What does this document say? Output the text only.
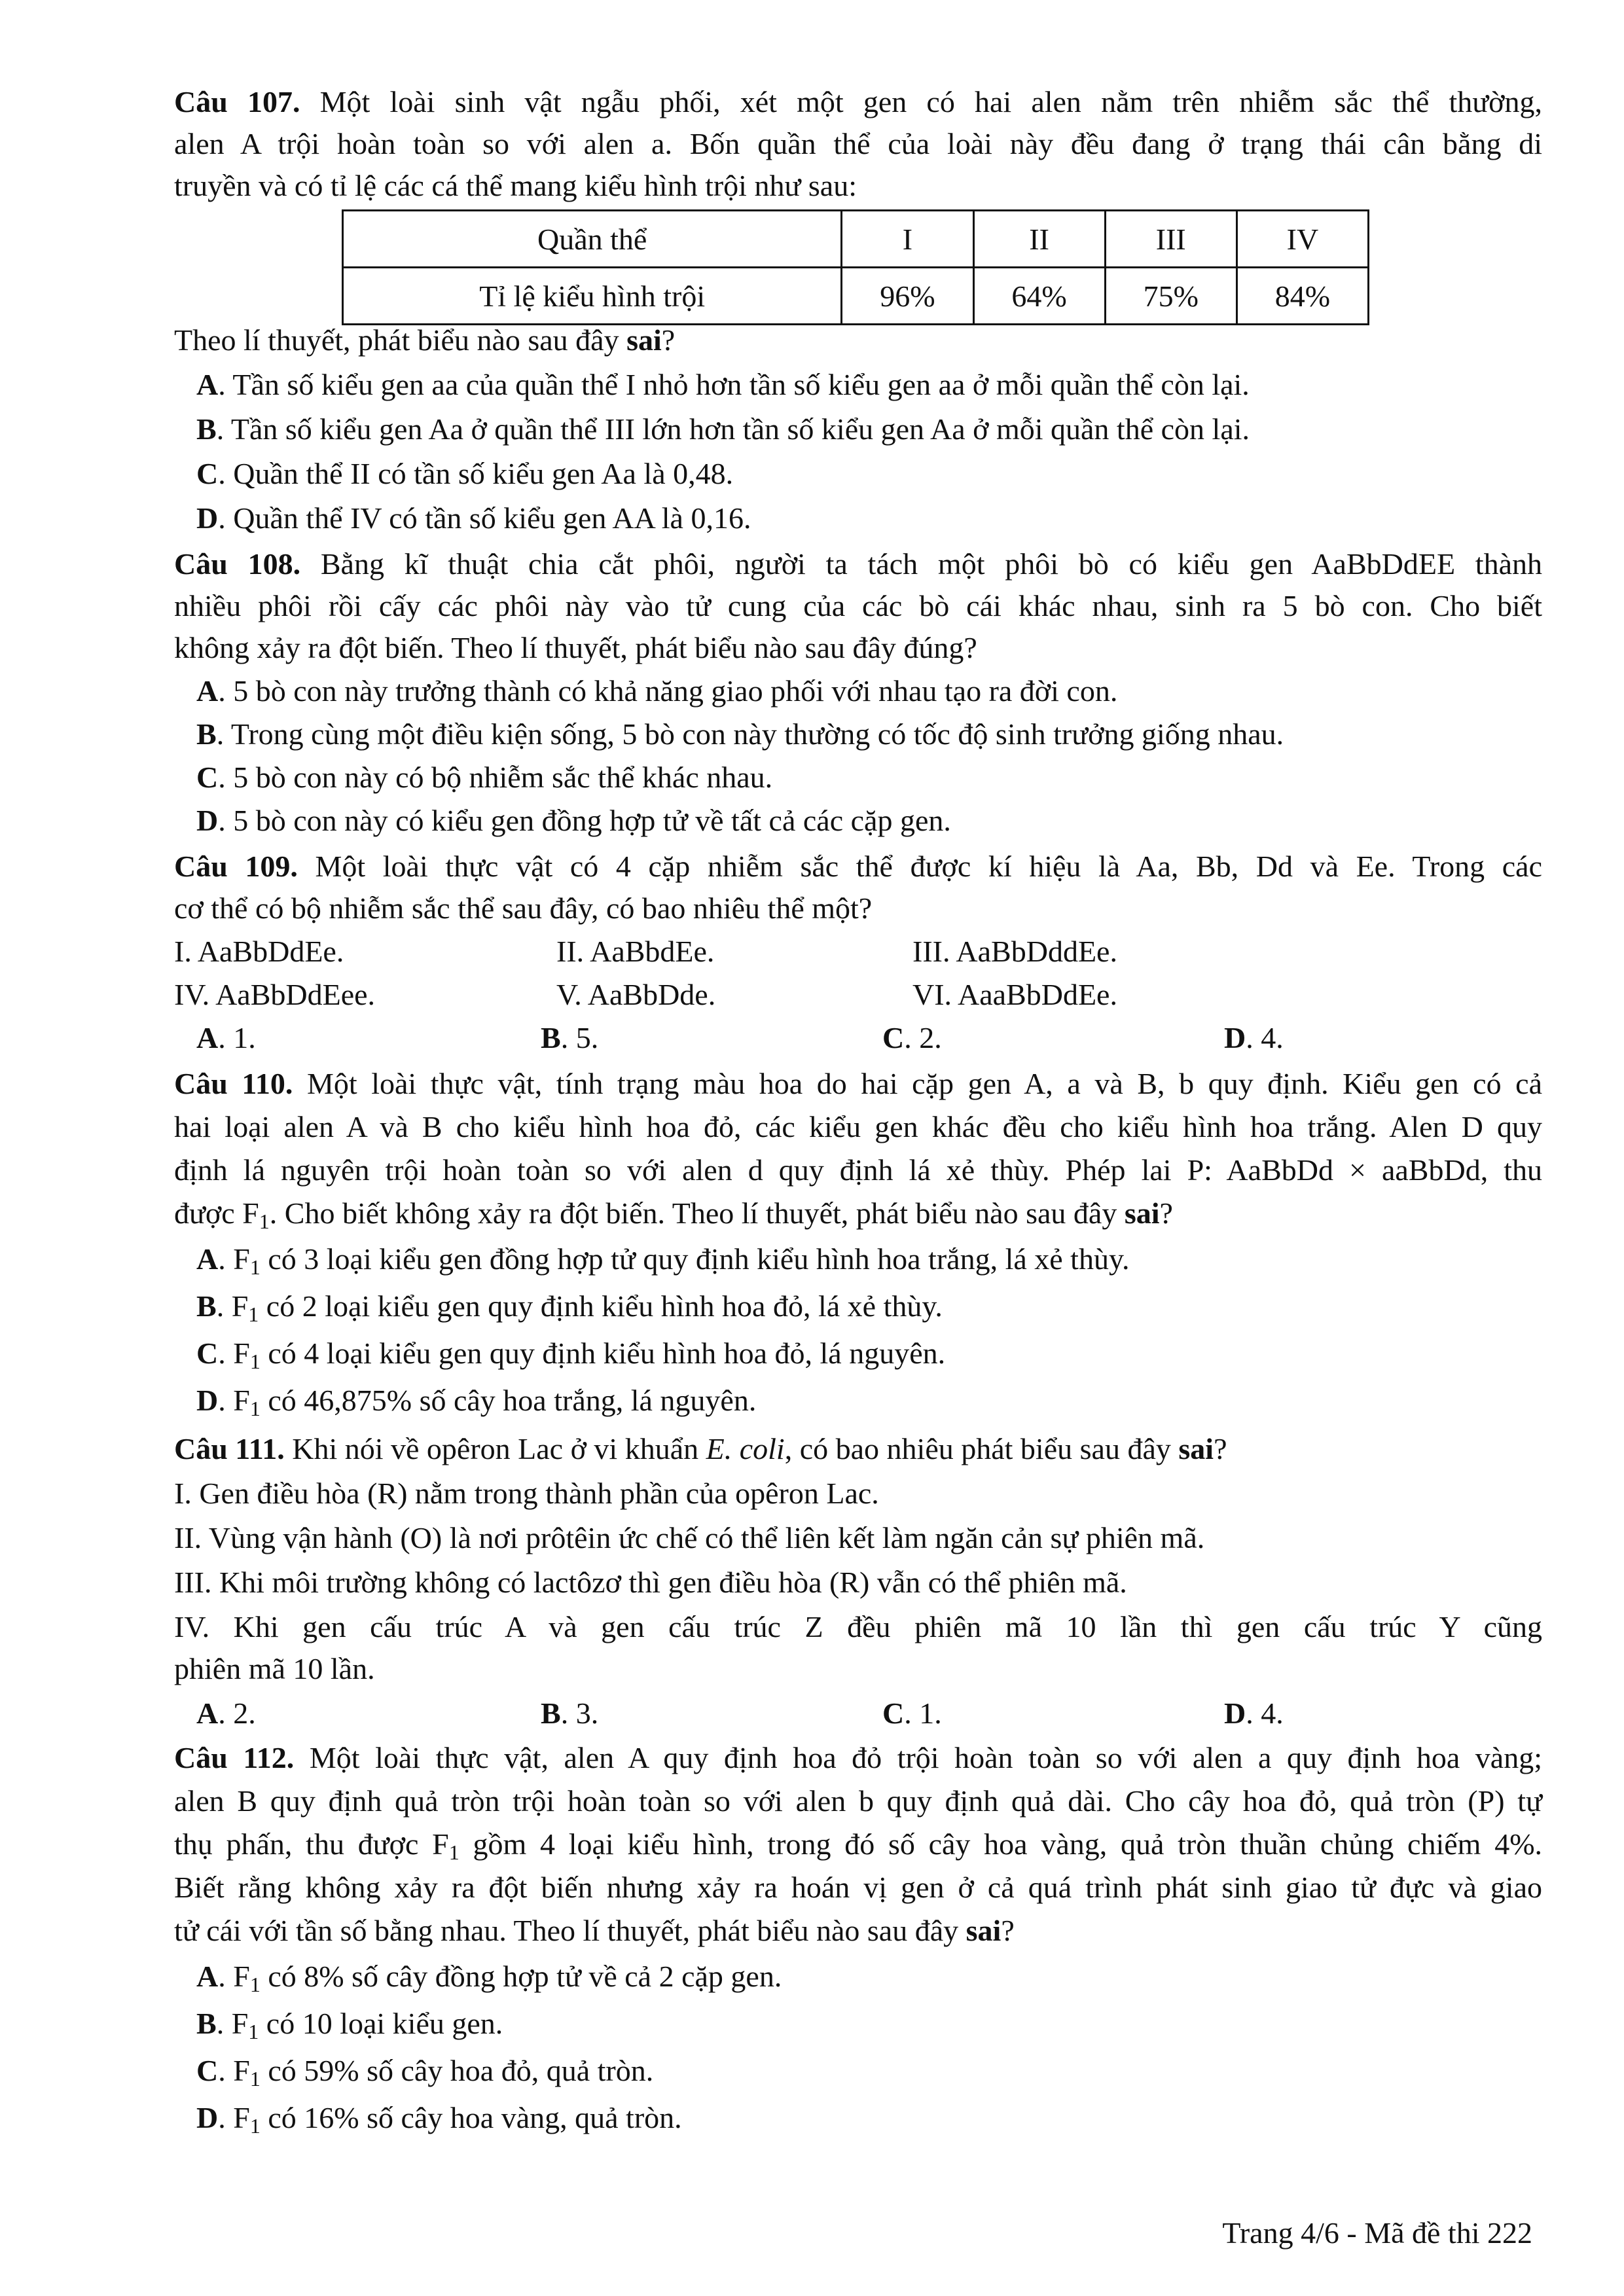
Câu 107. Một loài sinh vật ngẫu phối, xét một gen có hai alen nằm trên nhiễm sắc thể thường,
alen A trội hoàn toàn so với alen a. Bốn quần thể của loài này đều đang ở trạng thái cân bằng di
truyền và có tỉ lệ các cá thể mang kiểu hình trội như sau:
Quần thể	I	II	III	IV
Tỉ lệ kiểu hình trội	96%	64%	75%	84%
Theo lí thuyết, phát biểu nào sau đây sai?
A. Tần số kiểu gen aa của quần thể I nhỏ hơn tần số kiểu gen aa ở mỗi quần thể còn lại.
B. Tần số kiểu gen Aa ở quần thể III lớn hơn tần số kiểu gen Aa ở mỗi quần thể còn lại.
C. Quần thể II có tần số kiểu gen Aa là 0,48.
D. Quần thể IV có tần số kiểu gen AA là 0,16.
Câu 108. Bằng kĩ thuật chia cắt phôi, người ta tách một phôi bò có kiểu gen AaBbDdEE thành
nhiều phôi rồi cấy các phôi này vào tử cung của các bò cái khác nhau, sinh ra 5 bò con. Cho biết
không xảy ra đột biến. Theo lí thuyết, phát biểu nào sau đây đúng?
A. 5 bò con này trưởng thành có khả năng giao phối với nhau tạo ra đời con.
B. Trong cùng một điều kiện sống, 5 bò con này thường có tốc độ sinh trưởng giống nhau.
C. 5 bò con này có bộ nhiễm sắc thể khác nhau.
D. 5 bò con này có kiểu gen đồng hợp tử về tất cả các cặp gen.
Câu 109. Một loài thực vật có 4 cặp nhiễm sắc thể được kí hiệu là Aa, Bb, Dd và Ee. Trong các
cơ thể có bộ nhiễm sắc thể sau đây, có bao nhiêu thể một?
I. AaBbDdEe.	II. AaBbdEe.	III. AaBbDddEe.
IV. AaBbDdEee.	V. AaBbDde.	VI. AaaBbDdEe.
A. 1.	B. 5.	C. 2.	D. 4.
Câu 110. Một loài thực vật, tính trạng màu hoa do hai cặp gen A, a và B, b quy định. Kiểu gen có cả
hai loại alen A và B cho kiểu hình hoa đỏ, các kiểu gen khác đều cho kiểu hình hoa trắng. Alen D quy
định lá nguyên trội hoàn toàn so với alen d quy định lá xẻ thùy. Phép lai P: AaBbDd × aaBbDd, thu
được $F_1$. Cho biết không xảy ra đột biến. Theo lí thuyết, phát biểu nào sau đây sai?
A. $F_1$ có 3 loại kiểu gen đồng hợp tử quy định kiểu hình hoa trắng, lá xẻ thùy.
B. $F_1$ có 2 loại kiểu gen quy định kiểu hình hoa đỏ, lá xẻ thùy.
C. $F_1$ có 4 loại kiểu gen quy định kiểu hình hoa đỏ, lá nguyên.
D. $F_1$ có 46,875% số cây hoa trắng, lá nguyên.
Câu 111. Khi nói về opêron Lac ở vi khuẩn E. coli, có bao nhiêu phát biểu sau đây sai?
I. Gen điều hòa (R) nằm trong thành phần của opêron Lac.
II. Vùng vận hành (O) là nơi prôtêin ức chế có thể liên kết làm ngăn cản sự phiên mã.
III. Khi môi trường không có lactôzơ thì gen điều hòa (R) vẫn có thể phiên mã.
IV. Khi gen cấu trúc A và gen cấu trúc Z đều phiên mã 10 lần thì gen cấu trúc Y cũng
phiên mã 10 lần.
A. 2.	B. 3.	C. 1.	D. 4.
Câu 112. Một loài thực vật, alen A quy định hoa đỏ trội hoàn toàn so với alen a quy định hoa vàng;
alen B quy định quả tròn trội hoàn toàn so với alen b quy định quả dài. Cho cây hoa đỏ, quả tròn (P) tự
thụ phấn, thu được $F_1$ gồm 4 loại kiểu hình, trong đó số cây hoa vàng, quả tròn thuần chủng chiếm 4%.
Biết rằng không xảy ra đột biến nhưng xảy ra hoán vị gen ở cả quá trình phát sinh giao tử đực và giao
tử cái với tần số bằng nhau. Theo lí thuyết, phát biểu nào sau đây sai?
A. $F_1$ có 8% số cây đồng hợp tử về cả 2 cặp gen.
B. $F_1$ có 10 loại kiểu gen.
C. $F_1$ có 59% số cây hoa đỏ, quả tròn.
D. $F_1$ có 16% số cây hoa vàng, quả tròn.
Trang 4/6 - Mã đề thi 222
